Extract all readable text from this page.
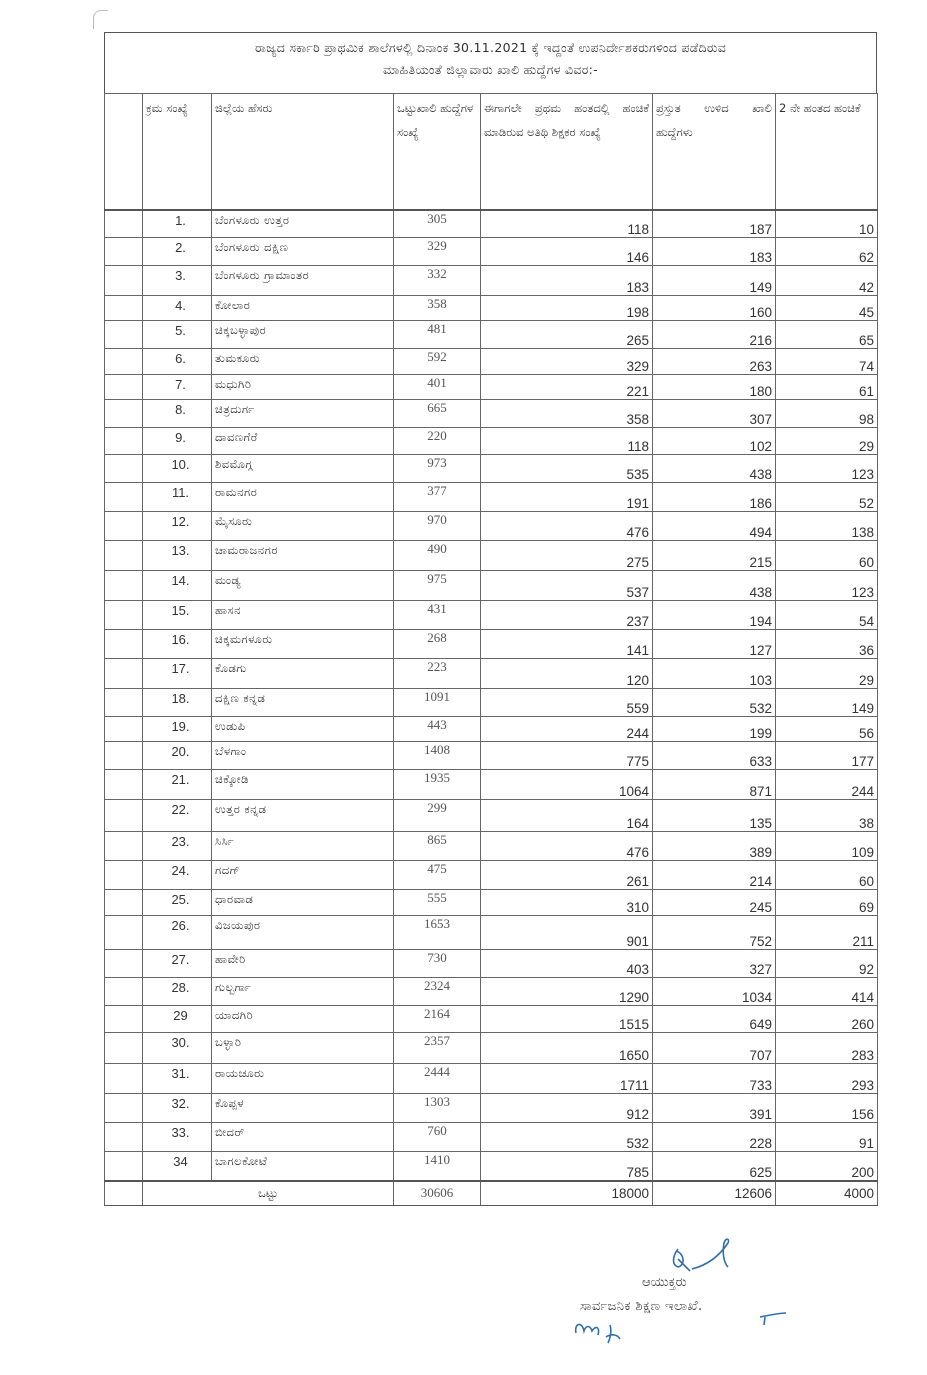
ರಾಜ್ಯದ ಸರ್ಕಾರಿ ಪ್ರಾಥಮಿಕ ಶಾಲೆಗಳಲ್ಲಿ ದಿನಾಂಕ 30.11.2021 ಕ್ಕೆ ಇದ್ದಂತೆ ಉಪನಿರ್ದೇಶಕರುಗಳಿಂದ ಪಡೆದಿರುವ
ಮಾಹಿತಿಯಂತೆ ಜಿಲ್ಲಾವಾರು ಖಾಲಿ ಹುದ್ದೆಗಳ ವಿವರ:-
	ಕ್ರಮ ಸಂಖ್ಯೆ	ಜಿಲ್ಲೆಯ ಹೆಸರು	ಒಟ್ಟುಖಾಲಿ ಹುದ್ದೆಗಳ ಸಂಖ್ಯೆ	ಈಗಾಗಲೇ ಪ್ರಥಮ ಹಂತದಲ್ಲಿ ಹಂಚಿಕೆ ಮಾಡಿರುವ ಅತಿಥಿ ಶಿಕ್ಷಕರ ಸಂಖ್ಯೆ	ಪ್ರಸ್ತುತ ಉಳಿದ ಖಾಲಿ ಹುದ್ದೆಗಳು	2 ನೇ ಹಂತದ ಹಂಚಿಕೆ
	1.	ಬೆಂಗಳೂರು ಉತ್ತರ	305	118	187	10
	2.	ಬೆಂಗಳೂರು ದಕ್ಷಿಣ	329	146	183	62
	3.	ಬೆಂಗಳೂರು ಗ್ರಾಮಾಂತರ	332	183	149	42
	4.	ಕೋಲಾರ	358	198	160	45
	5.	ಚಿಕ್ಕಬಳ್ಳಾಪುರ	481	265	216	65
	6.	ತುಮಕೂರು	592	329	263	74
	7.	ಮಧುಗಿರಿ	401	221	180	61
	8.	ಚಿತ್ರದುರ್ಗ	665	358	307	98
	9.	ದಾವಣಗೆರೆ	220	118	102	29
	10.	ಶಿವಮೊಗ್ಗ	973	535	438	123
	11.	ರಾಮನಗರ	377	191	186	52
	12.	ಮೈಸೂರು	970	476	494	138
	13.	ಚಾಮರಾಜನಗರ	490	275	215	60
	14.	ಮಂಡ್ಯ	975	537	438	123
	15.	ಹಾಸನ	431	237	194	54
	16.	ಚಿಕ್ಕಮಗಳೂರು	268	141	127	36
	17.	ಕೊಡಗು	223	120	103	29
	18.	ದಕ್ಷಿಣ ಕನ್ನಡ	1091	559	532	149
	19.	ಉಡುಪಿ	443	244	199	56
	20.	ಬೆಳಗಾಂ	1408	775	633	177
	21.	ಚಿಕ್ಕೋಡಿ	1935	1064	871	244
	22.	ಉತ್ತರ ಕನ್ನಡ	299	164	135	38
	23.	ಸಿರ್ಸಿ	865	476	389	109
	24.	ಗದಗ್	475	261	214	60
	25.	ಧಾರವಾಡ	555	310	245	69
	26.	ವಿಜಯಪುರ	1653	901	752	211
	27.	ಹಾವೇರಿ	730	403	327	92
	28.	ಗುಲ್ಬರ್ಗಾ	2324	1290	1034	414
	29	ಯಾದಗಿರಿ	2164	1515	649	260
	30.	ಬಳ್ಳಾರಿ	2357	1650	707	283
	31.	ರಾಯಚೂರು	2444	1711	733	293
	32.	ಕೊಪ್ಪಳ	1303	912	391	156
	33.	ಬೀದರ್	760	532	228	91
	34	ಬಾಗಲಕೋಟೆ	1410	785	625	200
	ಒಟ್ಟು		30606	18000	12606	4000
ಆಯುಕ್ತರು
ಸಾರ್ವಜನಿಕ ಶಿಕ್ಷಣ ಇಲಾಖೆ.
